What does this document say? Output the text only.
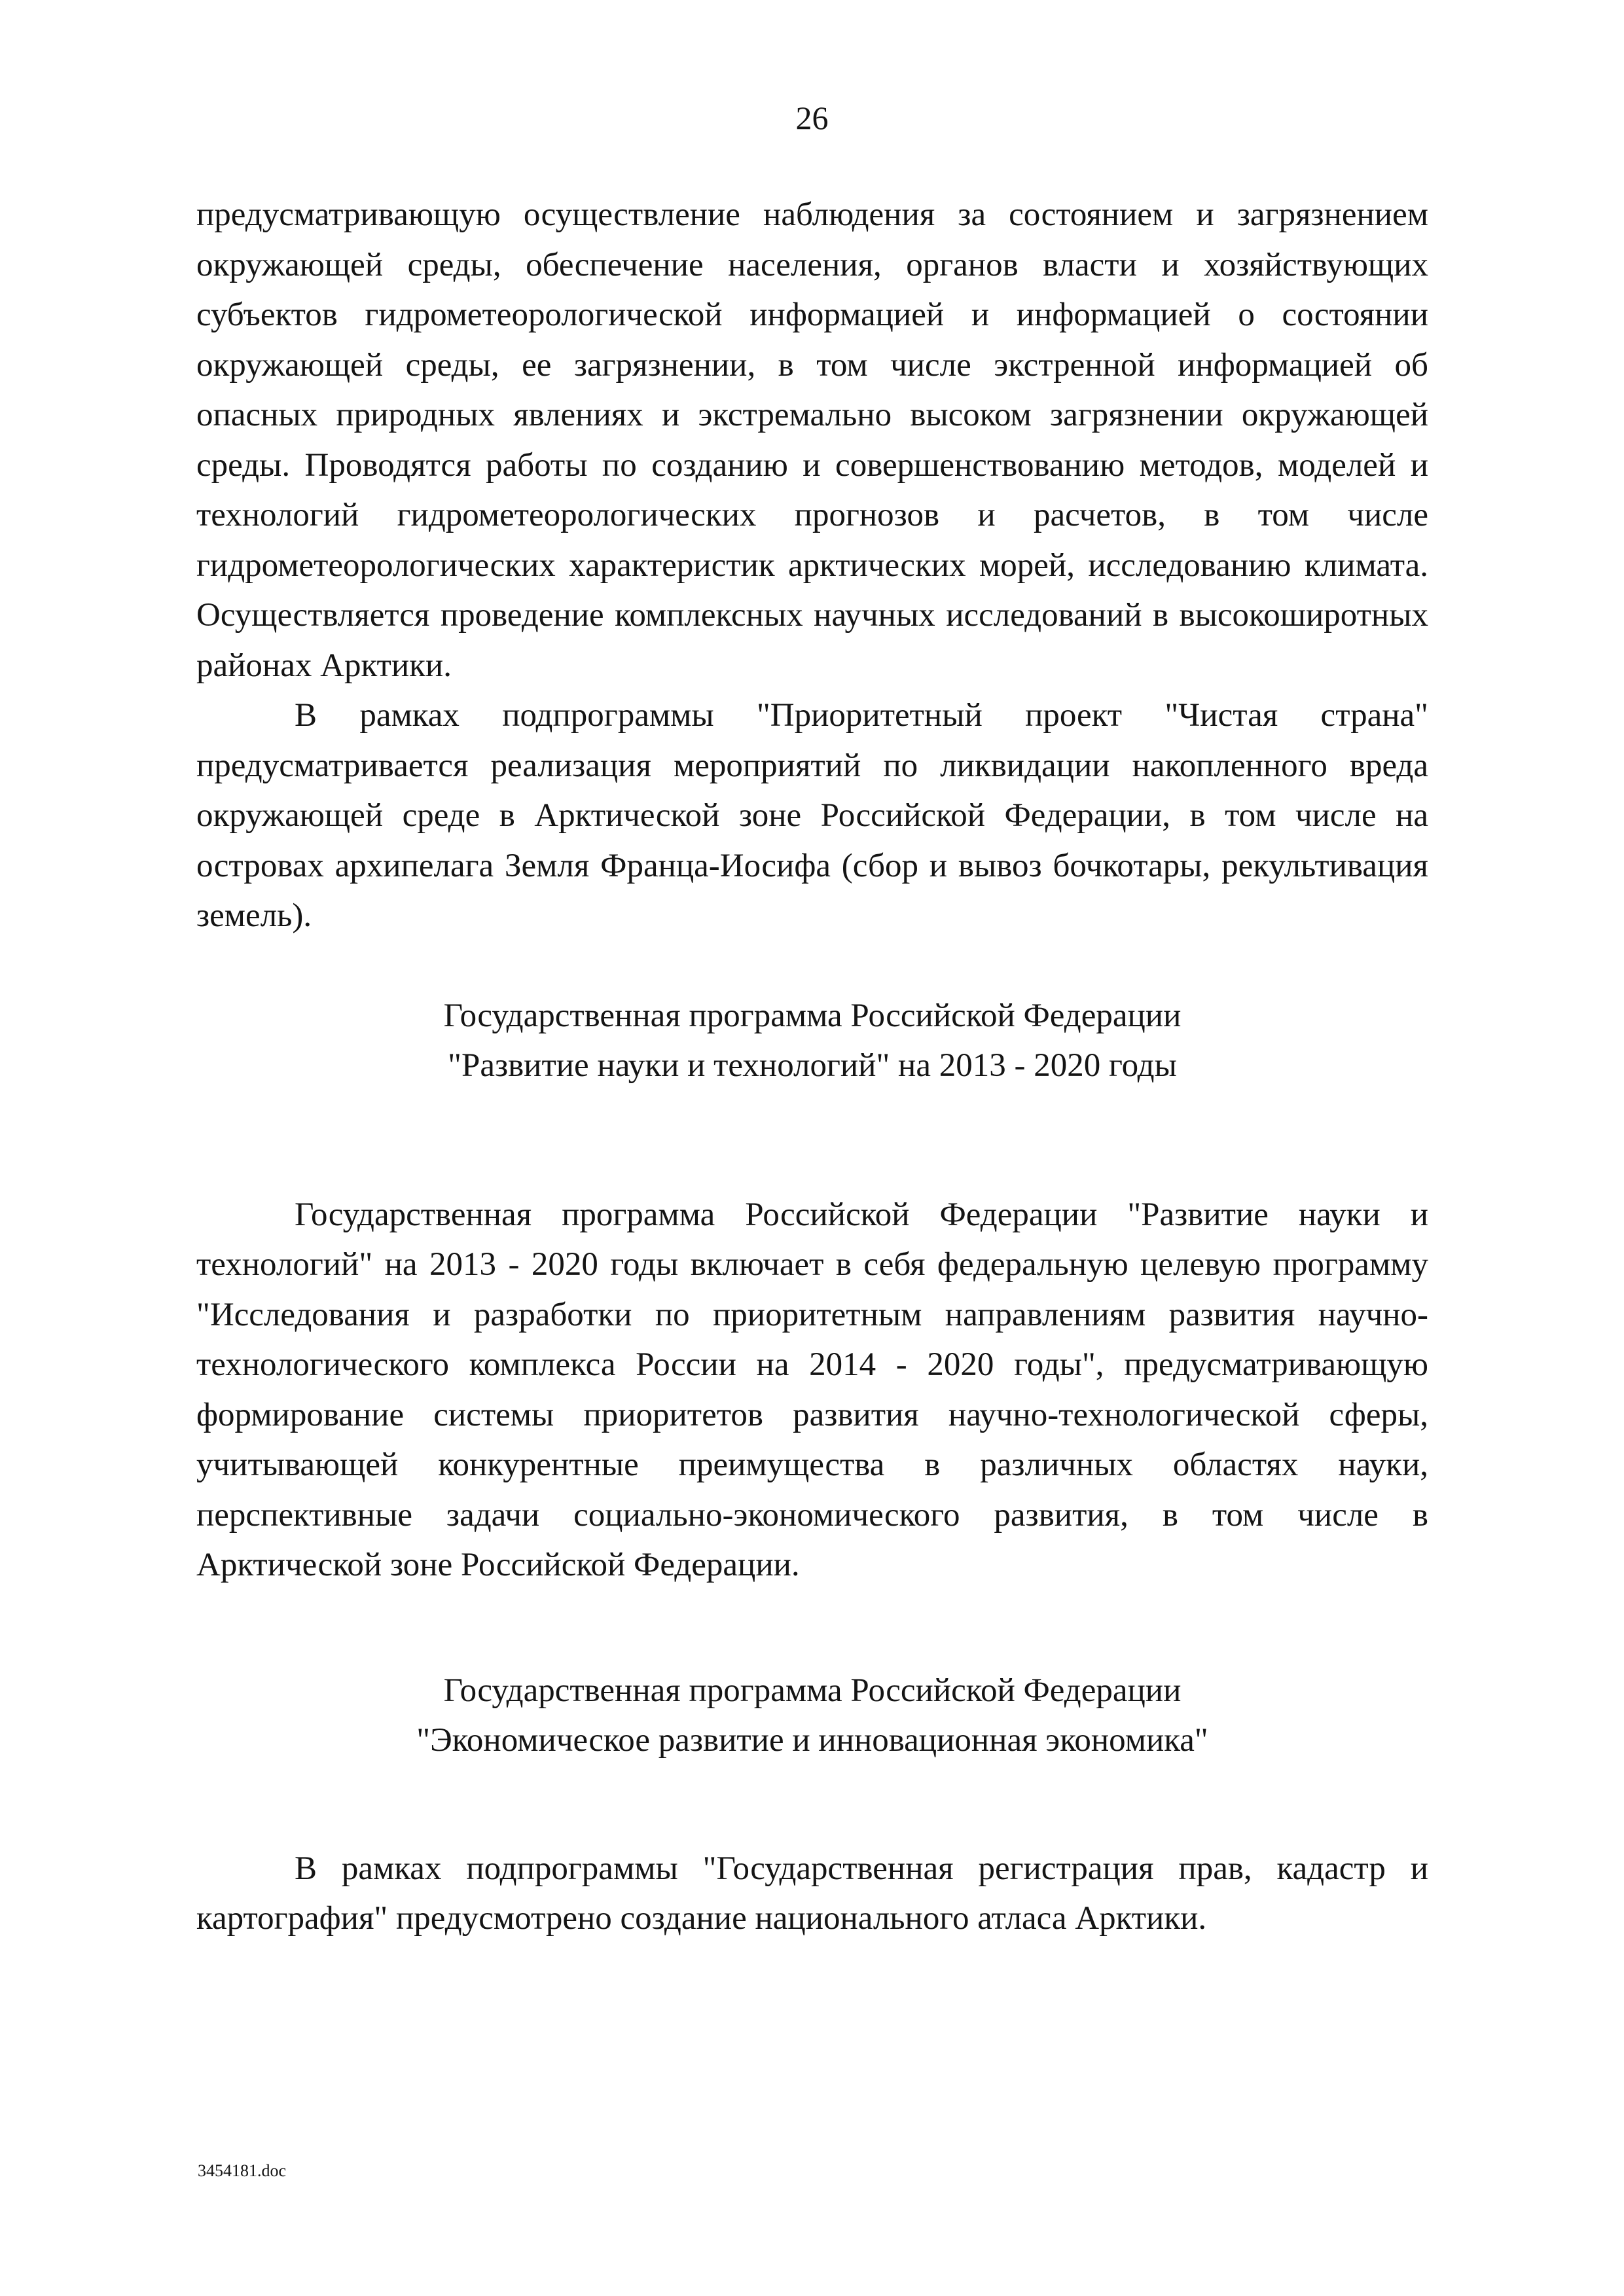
26

предусматривающую осуществление наблюдения за состоянием и загрязнением окружающей среды, обеспечение населения, органов власти и хозяйствующих субъектов гидрометеорологической информацией и информацией о состоянии окружающей среды, ее загрязнении, в том числе экстренной информацией об опасных природных явлениях и экстремально высоком загрязнении окружающей среды. Проводятся работы по созданию и совершенствованию методов, моделей и технологий гидрометеорологических прогнозов и расчетов, в том числе гидрометеорологических характеристик арктических морей, исследованию климата. Осуществляется проведение комплексных научных исследований в высокоширотных районах Арктики.

В рамках подпрограммы "Приоритетный проект "Чистая страна" предусматривается реализация мероприятий по ликвидации накопленного вреда окружающей среде в Арктической зоне Российской Федерации, в том числе на островах архипелага Земля Франца-Иосифа (сбор и вывоз бочкотары, рекультивация земель).

Государственная программа Российской Федерации
"Развитие науки и технологий" на 2013 - 2020 годы

Государственная программа Российской Федерации "Развитие науки и технологий" на 2013 - 2020 годы включает в себя федеральную целевую программу "Исследования и разработки по приоритетным направлениям развития научно-технологического комплекса России на 2014 - 2020 годы", предусматривающую формирование системы приоритетов развития научно-технологической сферы, учитывающей конкурентные преимущества в различных областях науки, перспективные задачи социально-экономического развития, в том числе в Арктической зоне Российской Федерации.

Государственная программа Российской Федерации
"Экономическое развитие и инновационная экономика"

В рамках подпрограммы "Государственная регистрация прав, кадастр и картография" предусмотрено создание национального атласа Арктики.

3454181.doc
